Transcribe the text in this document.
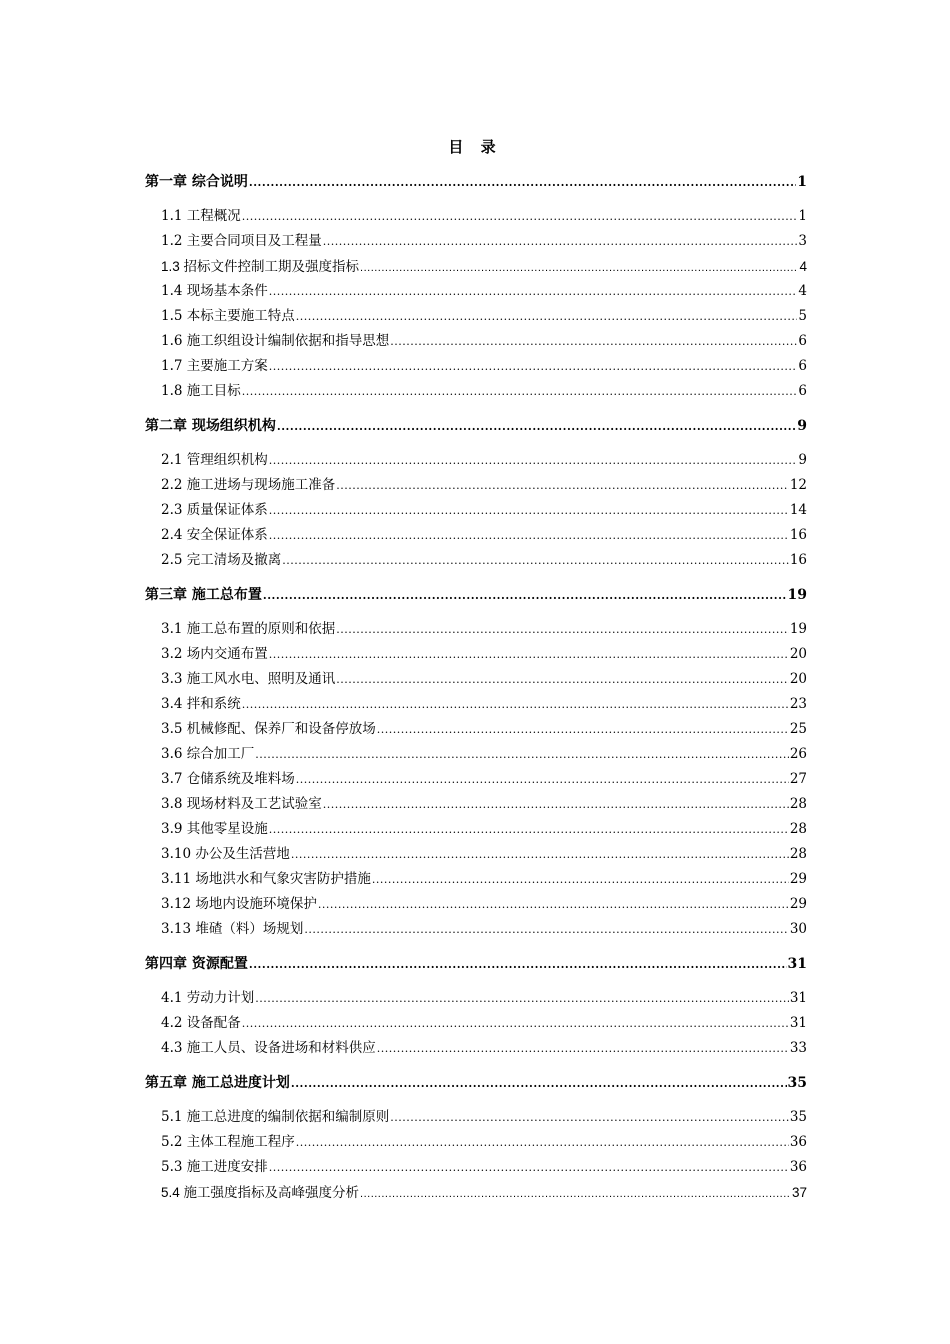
目 录
第一章 综合说明 .....	1
1.1 工程概况 .....	1
1.2 主要合同项目及工程量 .....	3
1.3 招标文件控制工期及强度指标 .....	4
1.4 现场基本条件 .....	4
1.5 本标主要施工特点 .....	5
1.6 施工织组设计编制依据和指导思想 .....	6
1.7 主要施工方案 .....	6
1.8 施工目标 .....	6
第二章 现场组织机构 .....	9
2.1 管理组织机构 .....	9
2.2 施工进场与现场施工准备 .....	12
2.3 质量保证体系 .....	14
2.4 安全保证体系 .....	16
2.5 完工清场及撤离 .....	16
第三章 施工总布置 .....	19
3.1 施工总布置的原则和依据 .....	19
3.2 场内交通布置 .....	20
3.3 施工风水电、照明及通讯 .....	20
3.4 拌和系统 .....	23
3.5 机械修配、保养厂和设备停放场 .....	25
3.6 综合加工厂 .....	26
3.7 仓储系统及堆料场 .....	27
3.8 现场材料及工艺试验室 .....	28
3.9 其他零星设施 .....	28
3.10 办公及生活营地 .....	28
3.11 场地洪水和气象灾害防护措施 .....	29
3.12 场地内设施环境保护 .....	29
3.13 堆碴（料）场规划 .....	30
第四章 资源配置 .....	31
4.1 劳动力计划 .....	31
4.2 设备配备 .....	31
4.3 施工人员、设备进场和材料供应 .....	33
第五章 施工总进度计划 .....	35
5.1 施工总进度的编制依据和编制原则 .....	35
5.2 主体工程施工程序 .....	36
5.3 施工进度安排 .....	36
5.4 施工强度指标及高峰强度分析 .....	37
